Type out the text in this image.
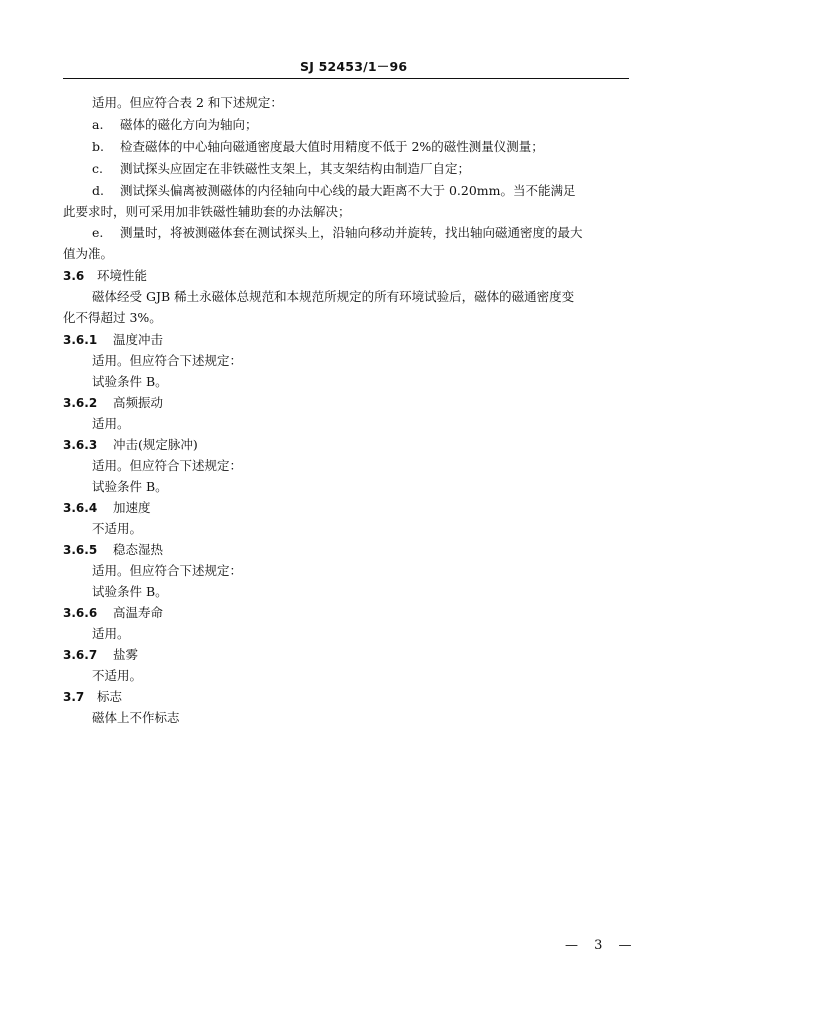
SJ 52453/1－96
适用。但应符合表 2 和下述规定：
a. 磁体的磁化方向为轴向；
b. 检查磁体的中心轴向磁通密度最大值时用精度不低于 2%的磁性测量仪测量；
c. 测试探头应固定在非铁磁性支架上，其支架结构由制造厂自定；
d. 测试探头偏离被测磁体的内径轴向中心线的最大距离不大于 0.20mm。当不能满足
此要求时，则可采用加非铁磁性辅助套的办法解决；
e. 测量时，将被测磁体套在测试探头上，沿轴向移动并旋转，找出轴向磁通密度的最大
值为准。
3.6 环境性能
磁体经受 GJB 稀土永磁体总规范和本规范所规定的所有环境试验后，磁体的磁通密度变
化不得超过 3%。
3.6.1 温度冲击
适用。但应符合下述规定：
试验条件 B。
3.6.2 高频振动
适用。
3.6.3 冲击(规定脉冲)
适用。但应符合下述规定：
试验条件 B。
3.6.4 加速度
不适用。
3.6.5 稳态湿热
适用。但应符合下述规定：
试验条件 B。
3.6.6 高温寿命
适用。
3.6.7 盐雾
不适用。
3.7 标志
磁体上不作标志
— 3 —
